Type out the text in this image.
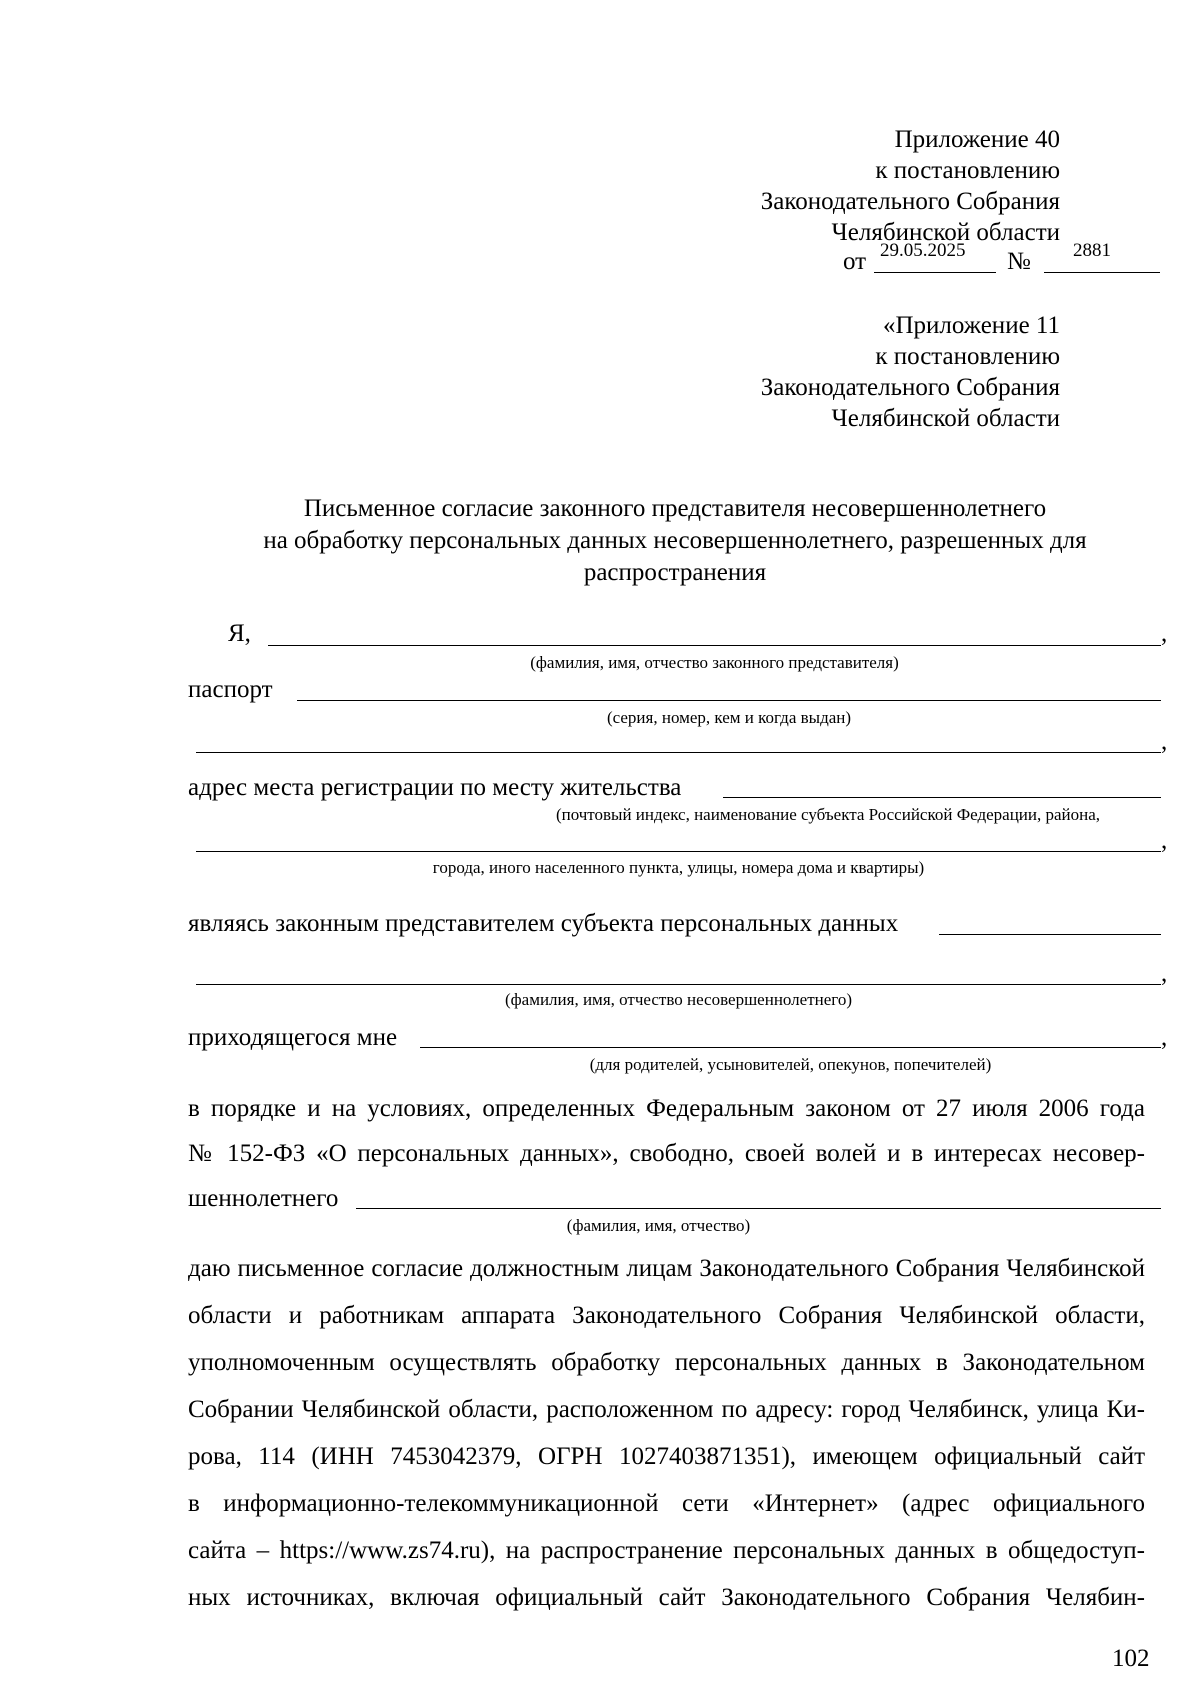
Приложение 40
к постановлению
Законодательного Собрания
Челябинской области
от 29.05.2025 № 2881
«Приложение 11
к постановлению
Законодательного Собрания
Челябинской области
Письменное согласие законного представителя несовершеннолетнего
на обработку персональных данных несовершеннолетнего, разрешенных для
распространения
Я,	,
(фамилия, имя, отчество законного представителя)
паспорт
(серия, номер, кем и когда выдан)
,
адрес места регистрации по месту жительства
(почтовый индекс, наименование субъекта Российской Федерации, района,
,
города, иного населенного пункта, улицы, номера дома и квартиры)
являясь законным представителем субъекта персональных данных
,
(фамилия, имя, отчество несовершеннолетнего)
приходящегося мне	,
(для родителей, усыновителей, опекунов, попечителей)
в порядке и на условиях, определенных Федеральным законом от 27 июля 2006 года
№ 152-ФЗ «О персональных данных», свободно, своей волей и в интересах несовер-
шеннолетнего
(фамилия, имя, отчество)
даю письменное согласие должностным лицам Законодательного Собрания Челябинской
области и работникам аппарата Законодательного Собрания Челябинской области,
уполномоченным осуществлять обработку персональных данных в Законодательном
Собрании Челябинской области, расположенном по адресу: город Челябинск, улица Ки-
рова, 114 (ИНН 7453042379, ОГРН 1027403871351), имеющем официальный сайт
в информационно-телекоммуникационной сети «Интернет» (адрес официального
сайта – https://www.zs74.ru), на распространение персональных данных в общедоступ-
ных источниках, включая официальный сайт Законодательного Собрания Челябин-
102
